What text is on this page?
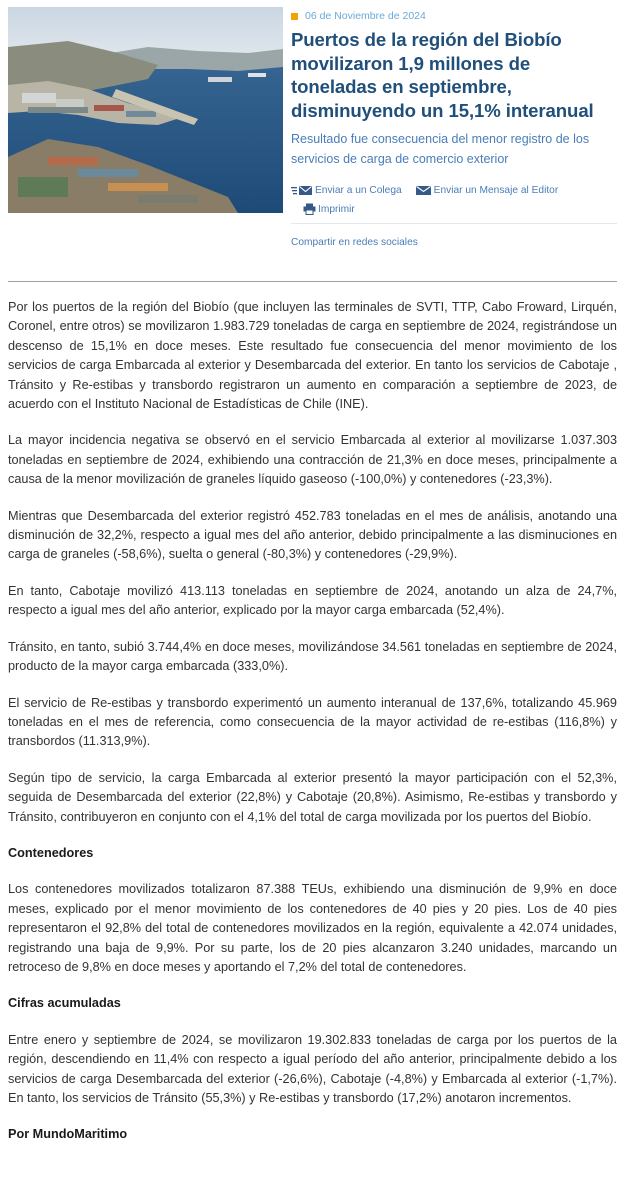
06 de Noviembre de 2024
Puertos de la región del Biobío movilizaron 1,9 millones de toneladas en septiembre, disminuyendo un 15,1% interanual

Resultado fue consecuencia del menor registro de los servicios de carga de comercio exterior

Enviar a un Colega	Enviar un Mensaje al Editor
Imprimir
Compartir en redes sociales

Por los puertos de la región del Biobío (que incluyen las terminales de SVTI, TTP, Cabo Froward, Lirquén, Coronel, entre otros) se movilizaron 1.983.729 toneladas de carga en septiembre de 2024, registrándose un descenso de 15,1% en doce meses. Este resultado fue consecuencia del menor movimiento de los servicios de carga Embarcada al exterior y Desembarcada del exterior. En tanto los servicios de Cabotaje , Tránsito y Re-estibas y transbordo registraron un aumento en comparación a septiembre de 2023, de acuerdo con el Instituto Nacional de Estadísticas de Chile (INE).

La mayor incidencia negativa se observó en el servicio Embarcada al exterior al movilizarse 1.037.303 toneladas en septiembre de 2024, exhibiendo una contracción de 21,3% en doce meses, principalmente a causa de la menor movilización de graneles líquido gaseoso (-100,0%) y contenedores (-23,3%).

Mientras que Desembarcada del exterior registró 452.783 toneladas en el mes de análisis, anotando una disminución de 32,2%, respecto a igual mes del año anterior, debido principalmente a las disminuciones en carga de graneles (-58,6%), suelta o general (-80,3%) y contenedores (-29,9%).

En tanto, Cabotaje movilizó 413.113 toneladas en septiembre de 2024, anotando un alza de 24,7%, respecto a igual mes del año anterior, explicado por la mayor carga embarcada (52,4%).

Tránsito, en tanto, subió 3.744,4% en doce meses, movilizándose 34.561 toneladas en septiembre de 2024, producto de la mayor carga embarcada (333,0%).

El servicio de Re-estibas y transbordo experimentó un aumento interanual de 137,6%, totalizando 45.969 toneladas en el mes de referencia, como consecuencia de la mayor actividad de re-estibas (116,8%) y transbordos (11.313,9%).

Según tipo de servicio, la carga Embarcada al exterior presentó la mayor participación con el 52,3%, seguida de Desembarcada del exterior (22,8%) y Cabotaje (20,8%). Asimismo, Re-estibas y transbordo y Tránsito, contribuyeron en conjunto con el 4,1% del total de carga movilizada por los puertos del Biobío.

Contenedores

Los contenedores movilizados totalizaron 87.388 TEUs, exhibiendo una disminución de 9,9% en doce meses, explicado por el menor movimiento de los contenedores de 40 pies y 20 pies. Los de 40 pies representaron el 92,8% del total de contenedores movilizados en la región, equivalente a 42.074 unidades, registrando una baja de 9,9%. Por su parte, los de 20 pies alcanzaron 3.240 unidades, marcando un retroceso de 9,8% en doce meses y aportando el 7,2% del total de contenedores.

Cifras acumuladas

Entre enero y septiembre de 2024, se movilizaron 19.302.833 toneladas de carga por los puertos de la región, descendiendo en 11,4% con respecto a igual período del año anterior, principalmente debido a los servicios de carga Desembarcada del exterior (-26,6%), Cabotaje (-4,8%) y Embarcada al exterior (-1,7%). En tanto, los servicios de Tránsito (55,3%) y Re-estibas y transbordo (17,2%) anotaron incrementos.

Por MundoMaritimo
